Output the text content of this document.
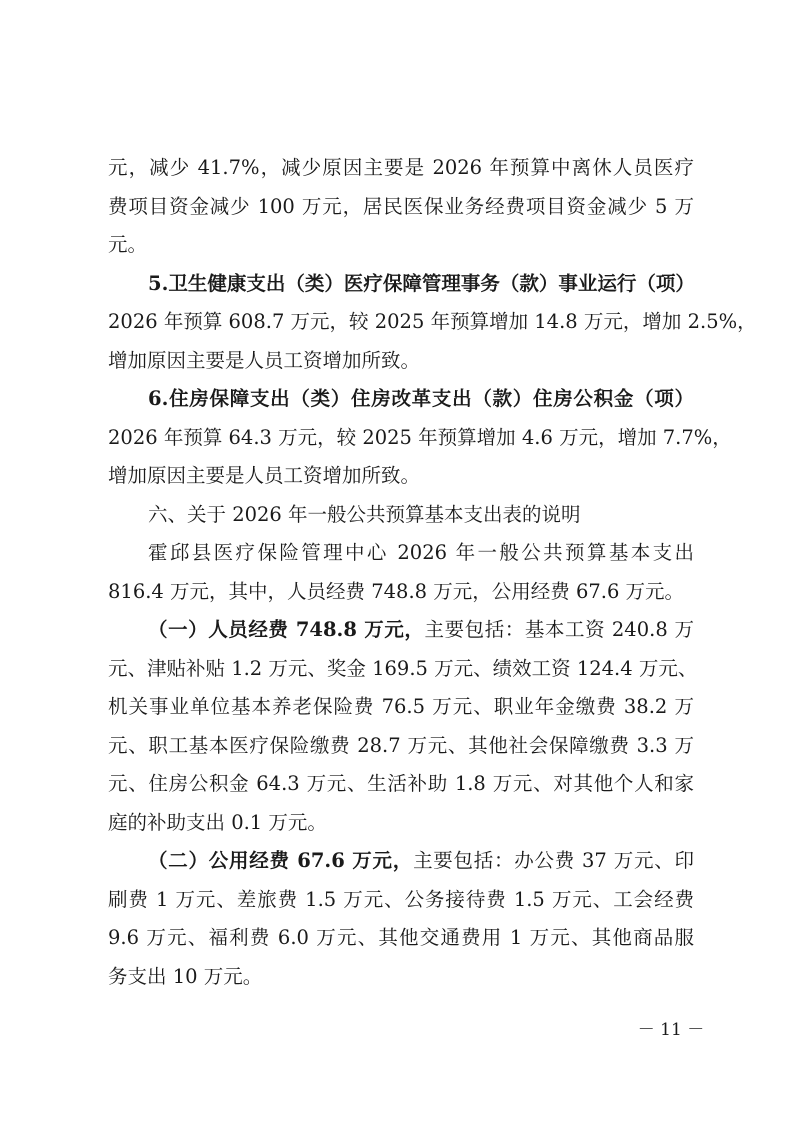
元，减少 41.7%，减少原因主要是 2026 年预算中离休人员医疗
费项目资金减少 100 万元，居民医保业务经费项目资金减少 5 万
元。
5.卫生健康支出（类）医疗保障管理事务（款）事业运行（项）
2026 年预算 608.7 万元，较 2025 年预算增加 14.8 万元，增加 2.5%，
增加原因主要是人员工资增加所致。
6.住房保障支出（类）住房改革支出（款）住房公积金（项）
2026 年预算 64.3 万元，较 2025 年预算增加 4.6 万元，增加 7.7%，
增加原因主要是人员工资增加所致。
六、关于 2026 年一般公共预算基本支出表的说明
霍邱县医疗保险管理中心 2026 年一般公共预算基本支出
816.4 万元，其中，人员经费 748.8 万元，公用经费 67.6 万元。
（一）人员经费 748.8 万元，主要包括：基本工资 240.8 万
元、津贴补贴 1.2 万元、奖金 169.5 万元、绩效工资 124.4 万元、
机关事业单位基本养老保险费 76.5 万元、职业年金缴费 38.2 万
元、职工基本医疗保险缴费 28.7 万元、其他社会保障缴费 3.3 万
元、住房公积金 64.3 万元、生活补助 1.8 万元、对其他个人和家
庭的补助支出 0.1 万元。
（二）公用经费 67.6 万元，主要包括：办公费 37 万元、印
刷费 1 万元、差旅费 1.5 万元、公务接待费 1.5 万元、工会经费
9.6 万元、福利费 6.0 万元、其他交通费用 1 万元、其他商品服
务支出 10 万元。
－ 11 －
